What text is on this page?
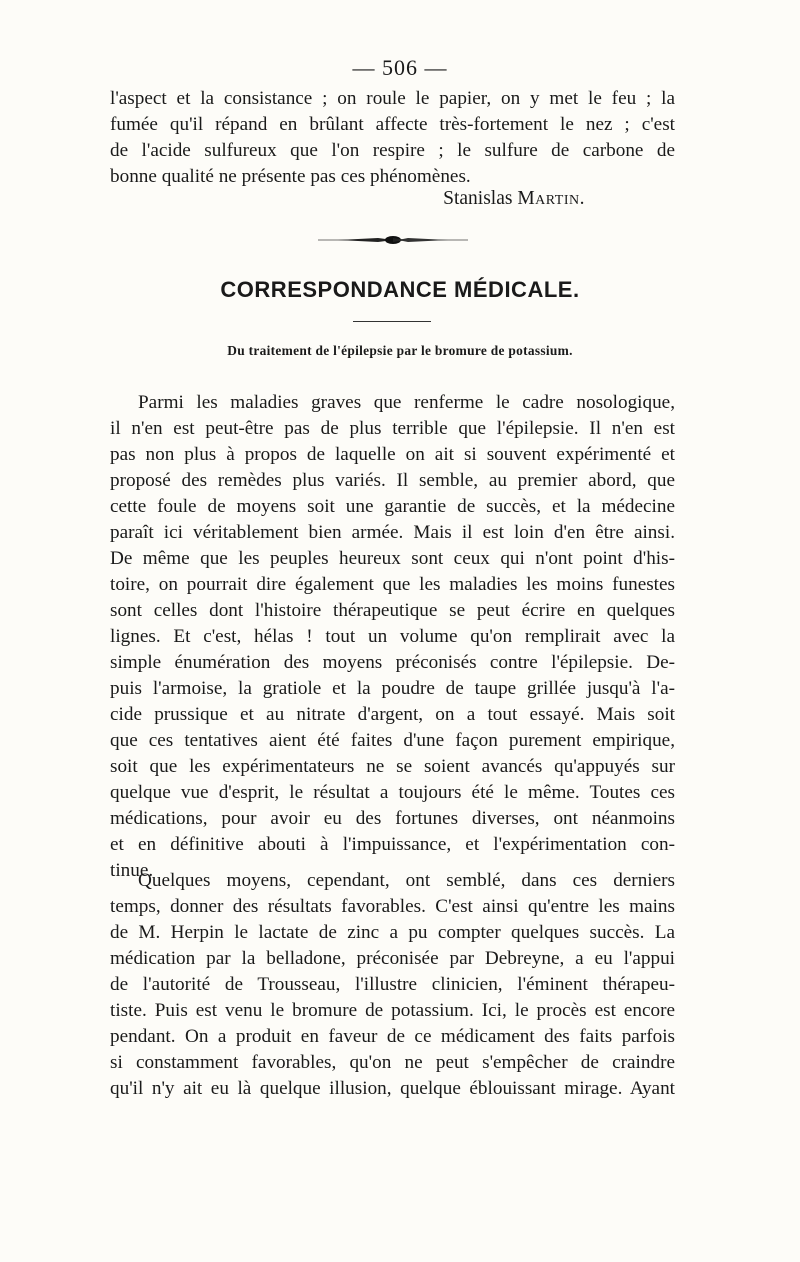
— 506 —
l'aspect et la consistance ; on roule le papier, on y met le feu ; la
fumée qu'il répand en brûlant affecte très-fortement le nez ; c'est
de l'acide sulfureux que l'on respire ; le sulfure de carbone de
bonne qualité ne présente pas ces phénomènes.
Stanislas Martin.
CORRESPONDANCE MÉDICALE.
Du traitement de l'épilepsie par le bromure de potassium.
Parmi les maladies graves que renferme le cadre nosologique,
il n'en est peut-être pas de plus terrible que l'épilepsie. Il n'en est
pas non plus à propos de laquelle on ait si souvent expérimenté et
proposé des remèdes plus variés. Il semble, au premier abord, que
cette foule de moyens soit une garantie de succès, et la médecine
paraît ici véritablement bien armée. Mais il est loin d'en être ainsi.
De même que les peuples heureux sont ceux qui n'ont point d'his-
toire, on pourrait dire également que les maladies les moins funestes
sont celles dont l'histoire thérapeutique se peut écrire en quelques
lignes. Et c'est, hélas ! tout un volume qu'on remplirait avec la
simple énumération des moyens préconisés contre l'épilepsie. De-
puis l'armoise, la gratiole et la poudre de taupe grillée jusqu'à l'a-
cide prussique et au nitrate d'argent, on a tout essayé. Mais soit
que ces tentatives aient été faites d'une façon purement empirique,
soit que les expérimentateurs ne se soient avancés qu'appuyés sur
quelque vue d'esprit, le résultat a toujours été le même. Toutes ces
médications, pour avoir eu des fortunes diverses, ont néanmoins
et en définitive abouti à l'impuissance, et l'expérimentation con-
tinue.
Quelques moyens, cependant, ont semblé, dans ces derniers
temps, donner des résultats favorables. C'est ainsi qu'entre les mains
de M. Herpin le lactate de zinc a pu compter quelques succès. La
médication par la belladone, préconisée par Debreyne, a eu l'appui
de l'autorité de Trousseau, l'illustre clinicien, l'éminent thérapeu-
tiste. Puis est venu le bromure de potassium. Ici, le procès est encore
pendant. On a produit en faveur de ce médicament des faits parfois
si constamment favorables, qu'on ne peut s'empêcher de craindre
qu'il n'y ait eu là quelque illusion, quelque éblouissant mirage. Ayant
